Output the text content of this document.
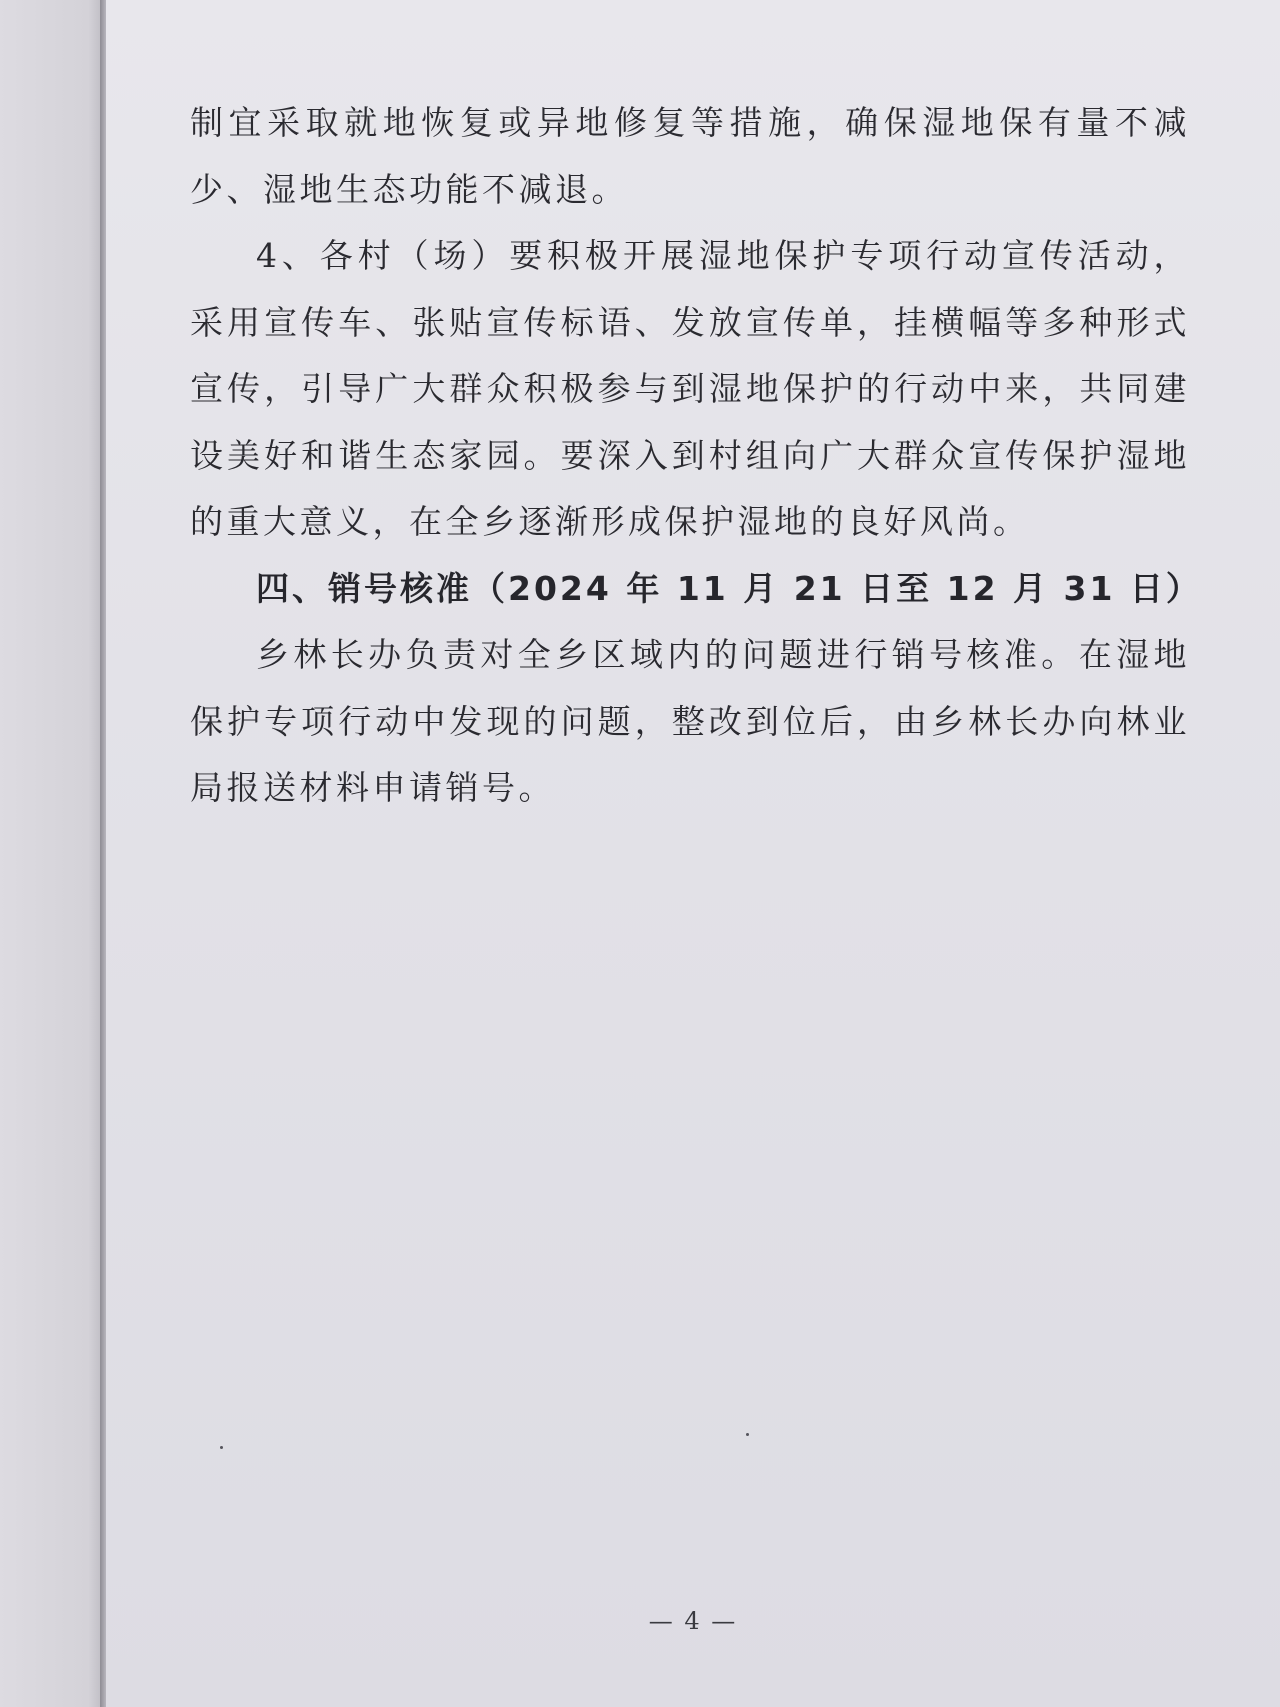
制宜采取就地恢复或异地修复等措施，确保湿地保有量不减少、湿地生态功能不减退。

4、各村（场）要积极开展湿地保护专项行动宣传活动，采用宣传车、张贴宣传标语、发放宣传单，挂横幅等多种形式宣传，引导广大群众积极参与到湿地保护的行动中来，共同建设美好和谐生态家园。要深入到村组向广大群众宣传保护湿地的重大意义，在全乡逐渐形成保护湿地的良好风尚。

四、销号核准（2024 年 11 月 21 日至 12 月 31 日）

乡林长办负责对全乡区域内的问题进行销号核准。在湿地保护专项行动中发现的问题，整改到位后，由乡林长办向林业局报送材料申请销号。

— 4 —
